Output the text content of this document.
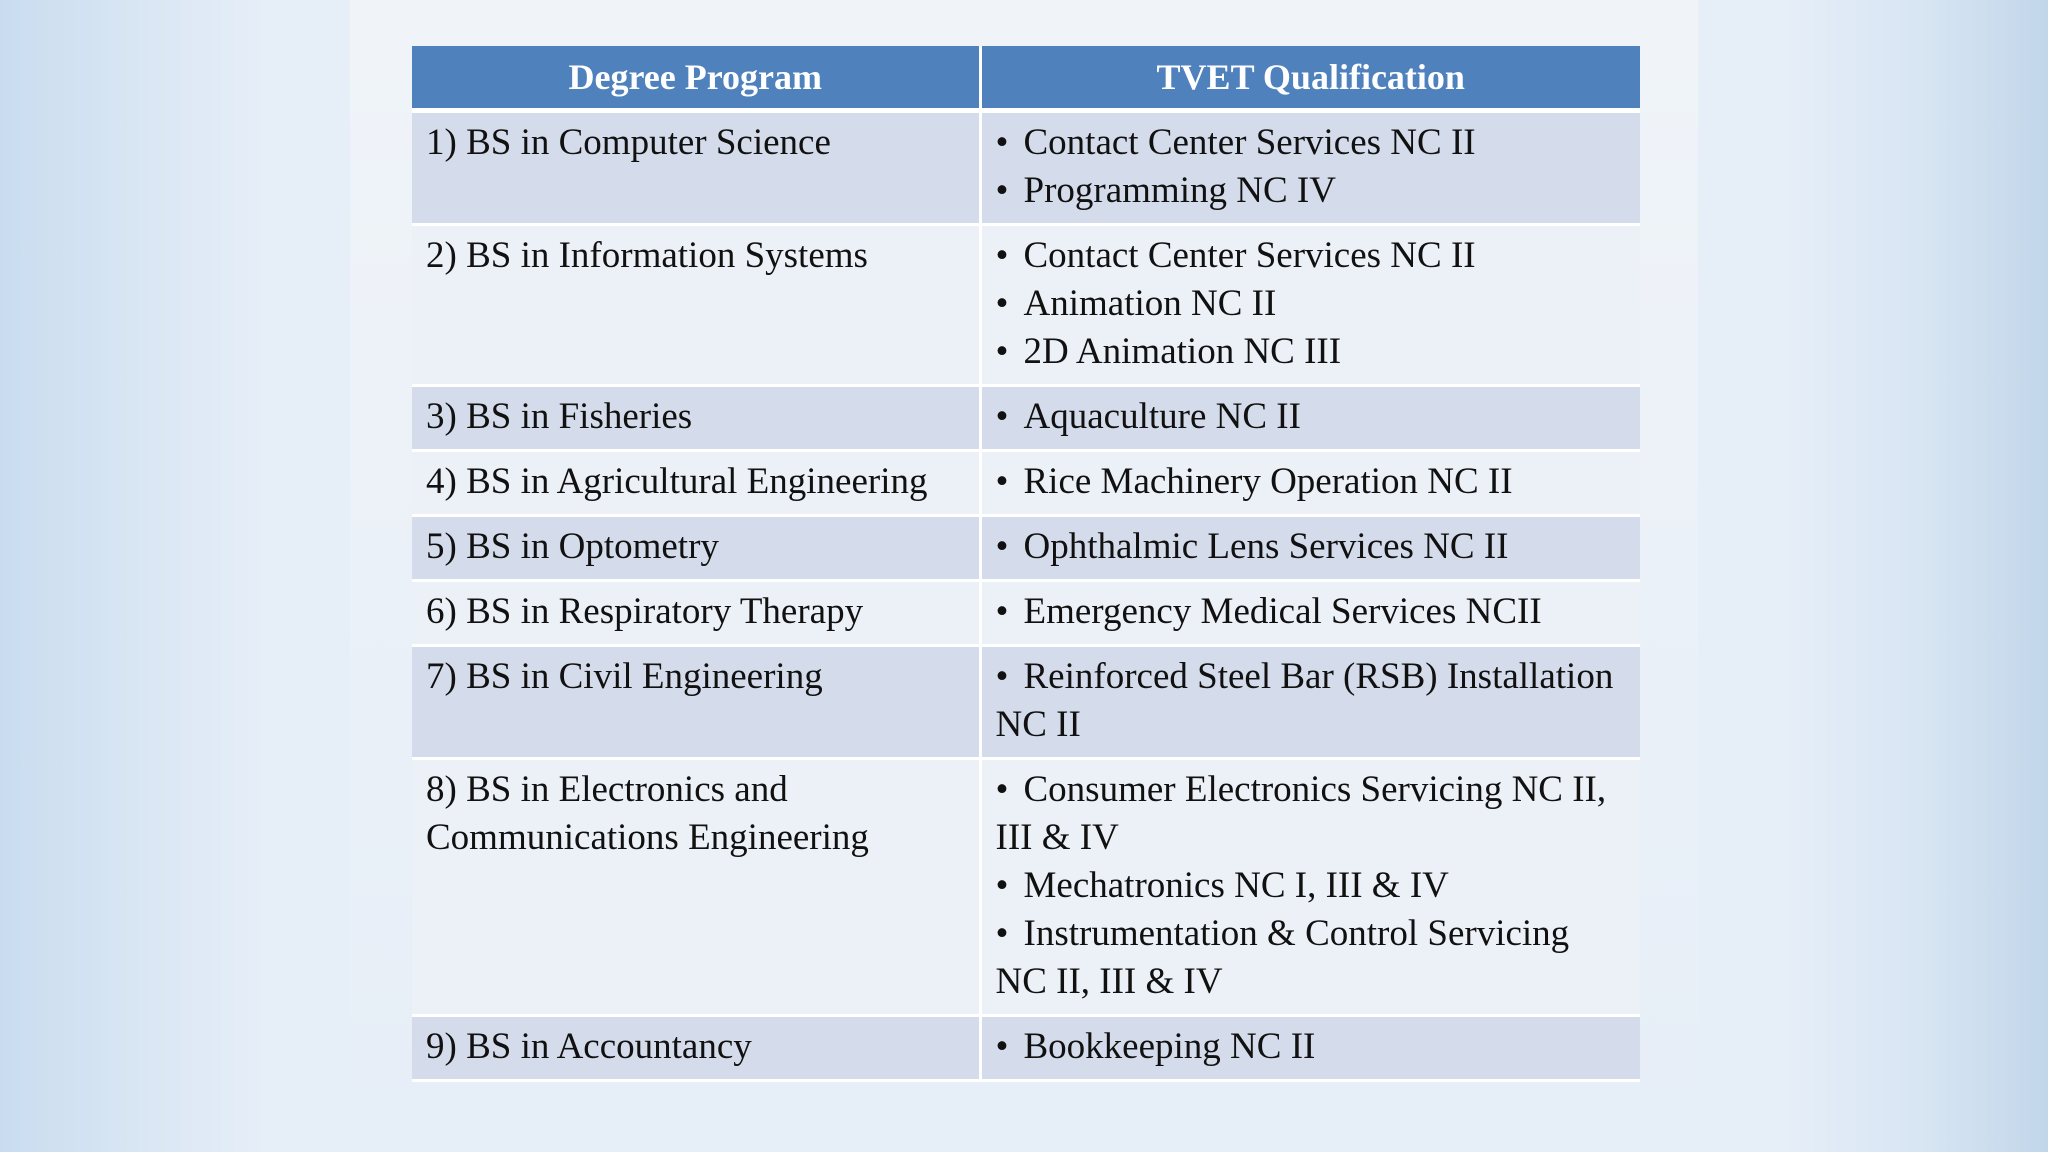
Degree Program	TVET Qualification
1) BS in Computer Science	• Contact Center Services NC II
• Programming NC IV

2) BS in Information Systems	• Contact Center Services NC II
• Animation NC II
• 2D Animation NC III

3) BS in Fisheries	• Aquaculture NC II

4) BS in Agricultural Engineering	• Rice Machinery Operation NC II

5) BS in Optometry	• Ophthalmic Lens Services NC II

6) BS in Respiratory Therapy	• Emergency Medical Services NCII

7) BS in Civil Engineering	• Reinforced Steel Bar (RSB) Installation NC II

8) BS in Electronics and Communications Engineering	• Consumer Electronics Servicing NC II, III & IV
• Mechatronics NC I, III & IV
• Instrumentation & Control Servicing NC II, III & IV

9) BS in Accountancy	• Bookkeeping NC II
